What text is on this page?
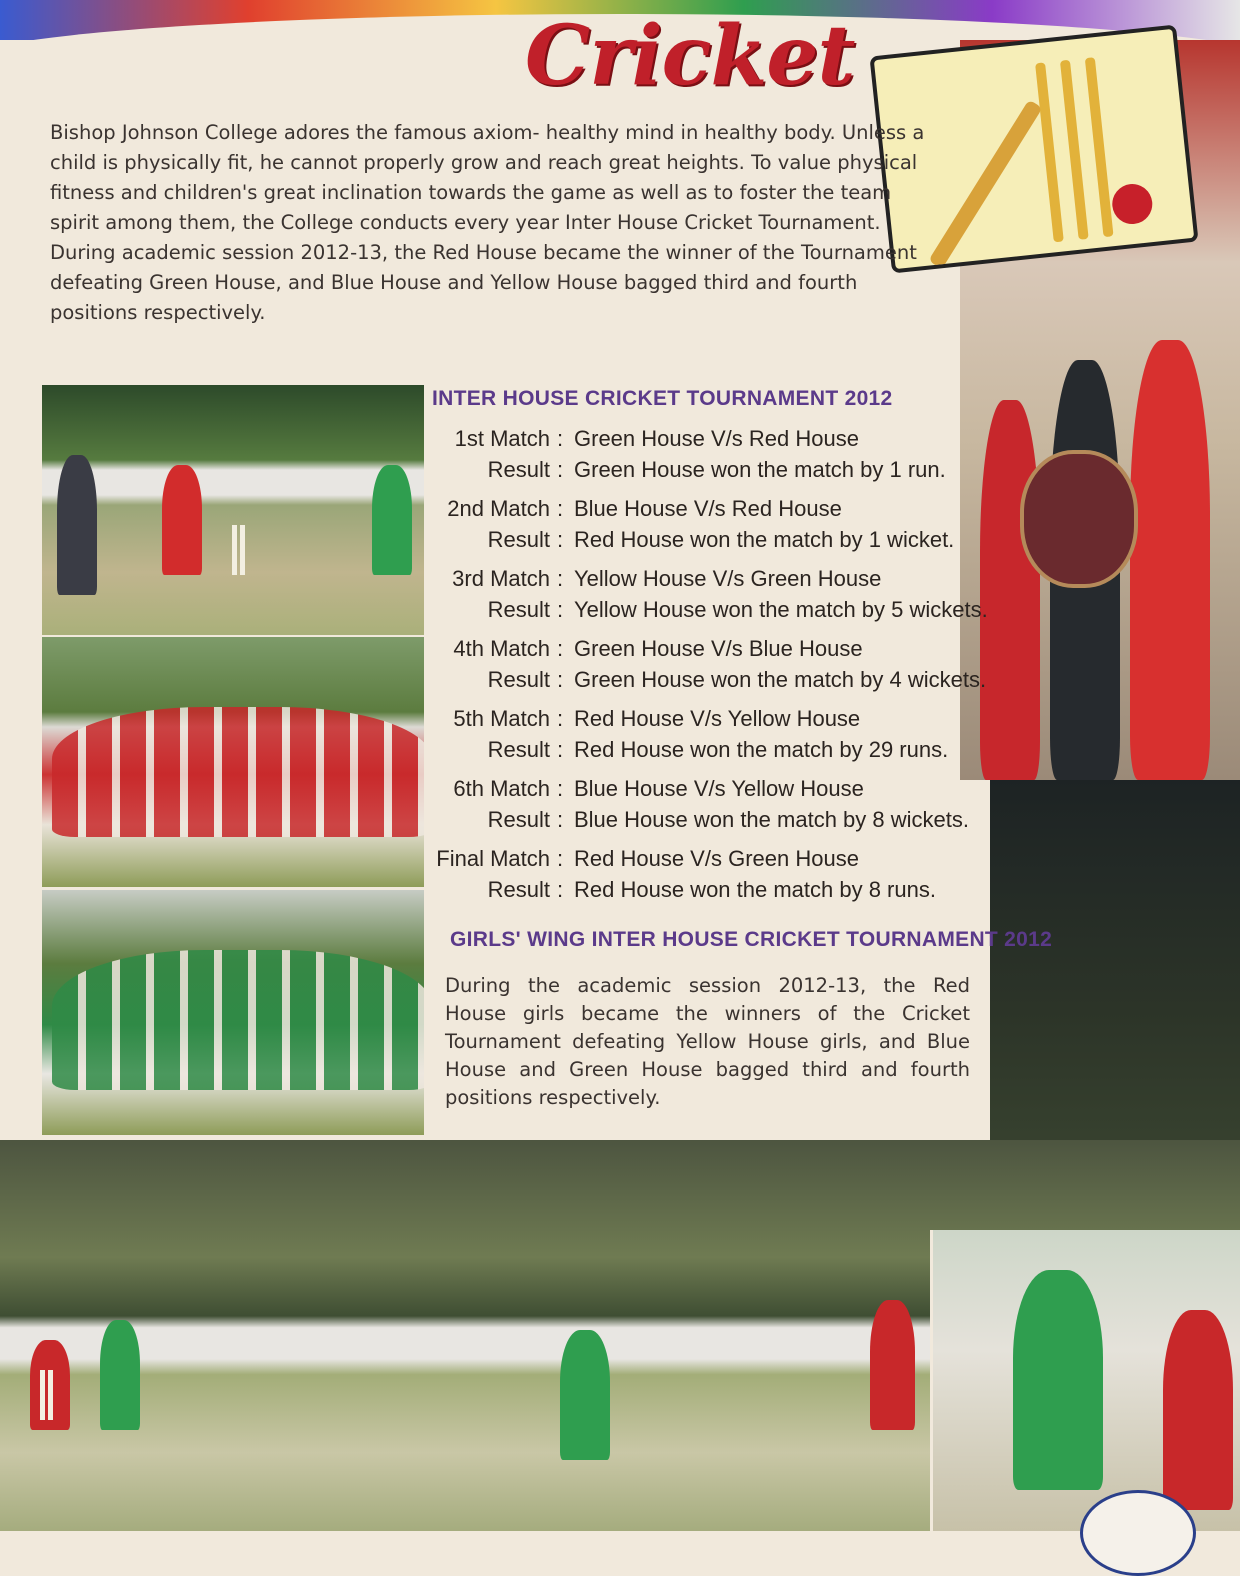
Cricket
Bishop Johnson College adores the famous axiom- healthy mind in healthy body. Unless a child is physically fit, he cannot properly grow and reach great heights. To value physical fitness and children's great inclination towards the game as well as to foster the team spirit among them, the College conducts every year Inter House Cricket Tournament. During academic session 2012-13, the Red House became the winner of the Tournament defeating Green House, and Blue House and Yellow House bagged third and fourth positions respectively.
INTER HOUSE CRICKET TOURNAMENT 2012
1st Match : Green House V/s Red House
Result : Green House won the match by 1 run.
2nd Match : Blue House V/s Red House
Result : Red House won the match by 1 wicket.
3rd Match : Yellow House V/s Green House
Result : Yellow House won the match by 5 wickets.
4th Match : Green House V/s Blue House
Result : Green House won the match by 4 wickets.
5th Match : Red House V/s Yellow House
Result : Red House won the match by 29 runs.
6th Match : Blue House V/s Yellow House
Result : Blue House won the match by 8 wickets.
Final Match : Red House V/s Green House
Result : Red House won the match by 8 runs.
GIRLS' WING INTER HOUSE CRICKET TOURNAMENT 2012
During the academic session 2012-13, the Red House girls became the winners of the Cricket Tournament defeating Yellow House girls, and Blue House and Green House bagged third and fourth positions respectively.
